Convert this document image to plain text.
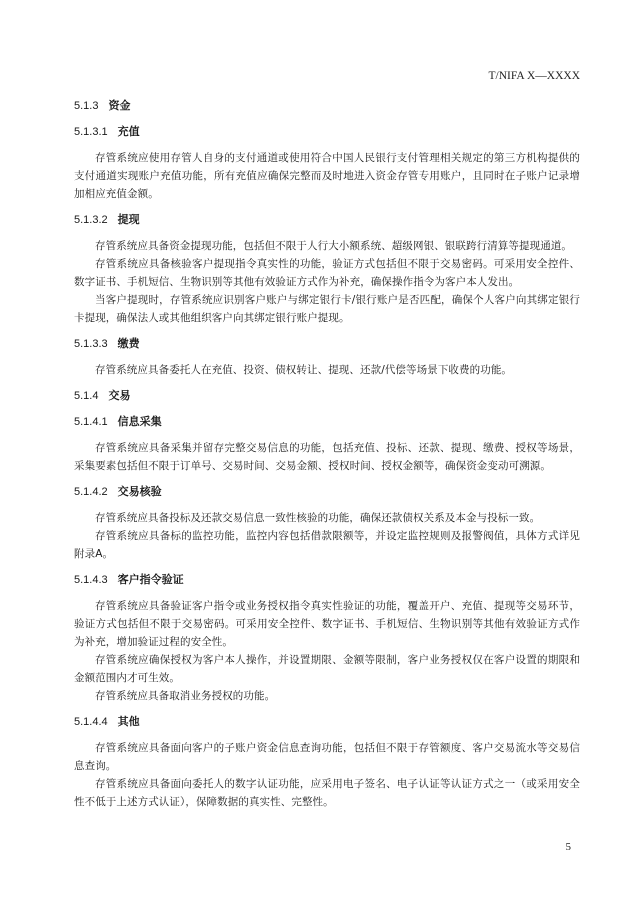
T/NIFA X—XXXX
5.1.3 资金
5.1.3.1 充值

存管系统应使用存管人自身的支付通道或使用符合中国人民银行支付管理相关规定的第三方机构提供的支付通道实现账户充值功能，所有充值应确保完整而及时地进入资金存管专用账户，且同时在子账户记录增加相应充值金额。

5.1.3.2 提现

存管系统应具备资金提现功能，包括但不限于人行大小额系统、超级网银、银联跨行清算等提现通道。

存管系统应具备核验客户提现指令真实性的功能，验证方式包括但不限于交易密码。可采用安全控件、数字证书、手机短信、生物识别等其他有效验证方式作为补充，确保操作指令为客户本人发出。

当客户提现时，存管系统应识别客户账户与绑定银行卡/银行账户是否匹配，确保个人客户向其绑定银行卡提现，确保法人或其他组织客户向其绑定银行账户提现。

5.1.3.3 缴费

存管系统应具备委托人在充值、投资、债权转让、提现、还款/代偿等场景下收费的功能。

5.1.4 交易
5.1.4.1 信息采集

存管系统应具备采集并留存完整交易信息的功能，包括充值、投标、还款、提现、缴费、授权等场景，采集要素包括但不限于订单号、交易时间、交易金额、授权时间、授权金额等，确保资金变动可溯源。

5.1.4.2 交易核验

存管系统应具备投标及还款交易信息一致性核验的功能，确保还款债权关系及本金与投标一致。

存管系统应具备标的监控功能，监控内容包括借款限额等，并设定监控规则及报警阀值，具体方式详见附录A。

5.1.4.3 客户指令验证

存管系统应具备验证客户指令或业务授权指令真实性验证的功能，覆盖开户、充值、提现等交易环节，验证方式包括但不限于交易密码。可采用安全控件、数字证书、手机短信、生物识别等其他有效验证方式作为补充，增加验证过程的安全性。

存管系统应确保授权为客户本人操作，并设置期限、金额等限制，客户业务授权仅在客户设置的期限和金额范围内才可生效。

存管系统应具备取消业务授权的功能。

5.1.4.4 其他

存管系统应具备面向客户的子账户资金信息查询功能，包括但不限于存管额度、客户交易流水等交易信息查询。

存管系统应具备面向委托人的数字认证功能，应采用电子签名、电子认证等认证方式之一（或采用安全性不低于上述方式认证），保障数据的真实性、完整性。

5
